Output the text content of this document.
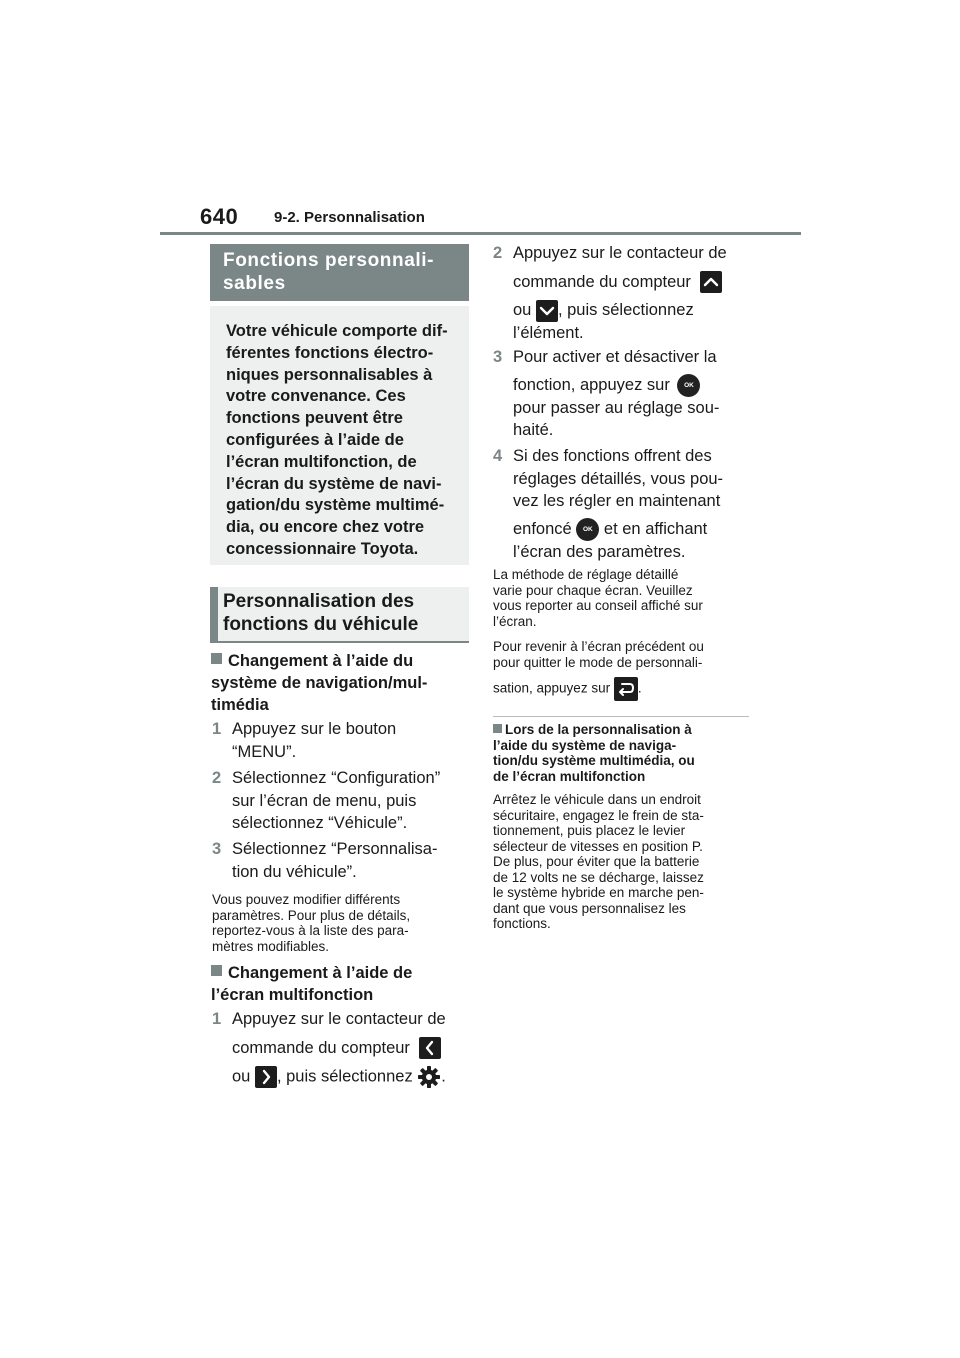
640 9-2. Personnalisation
Fonctions personnali-
sables
Votre véhicule comporte dif-
férentes fonctions électro-
niques personnalisables à
votre convenance. Ces
fonctions peuvent être
configurées à l’aide de
l’écran multifonction, de
l’écran du système de navi-
gation/du système multimé-
dia, ou encore chez votre
concessionnaire Toyota.
Personnalisation des
fonctions du véhicule
Changement à l’aide du
système de navigation/mul-
timédia
1 Appuyez sur le bouton
“MENU”.
2 Sélectionnez “Configuration”
sur l’écran de menu, puis
sélectionnez “Véhicule”.
3 Sélectionnez “Personnalisa-
tion du véhicule”.
Vous pouvez modifier différents
paramètres. Pour plus de détails,
reportez-vous à la liste des para-
mètres modifiables.
Changement à l’aide de
l’écran multifonction
1 Appuyez sur le contacteur de
commande du compteur

ou , puis sélectionnez .
2 Appuyez sur le contacteur de
commande du compteur

ou , puis sélectionnez
l’élément.
3 Pour activer et désactiver la
fonction, appuyez sur OK
pour passer au réglage sou-
haité.
4 Si des fonctions offrent des
réglages détaillés, vous pou-
vez les régler en maintenant
enfoncé OK et en affichant
l’écran des paramètres.
La méthode de réglage détaillé
varie pour chaque écran. Veuillez
vous reporter au conseil affiché sur
l’écran.
Pour revenir à l’écran précédent ou
pour quitter le mode de personnali-
sation, appuyez sur .
Lors de la personnalisation à
l’aide du système de naviga-
tion/du système multimédia, ou
de l’écran multifonction
Arrêtez le véhicule dans un endroit
sécuritaire, engagez le frein de sta-
tionnement, puis placez le levier
sélecteur de vitesses en position P.
De plus, pour éviter que la batterie
de 12 volts ne se décharge, laissez
le système hybride en marche pen-
dant que vous personnalisez les
fonctions.
